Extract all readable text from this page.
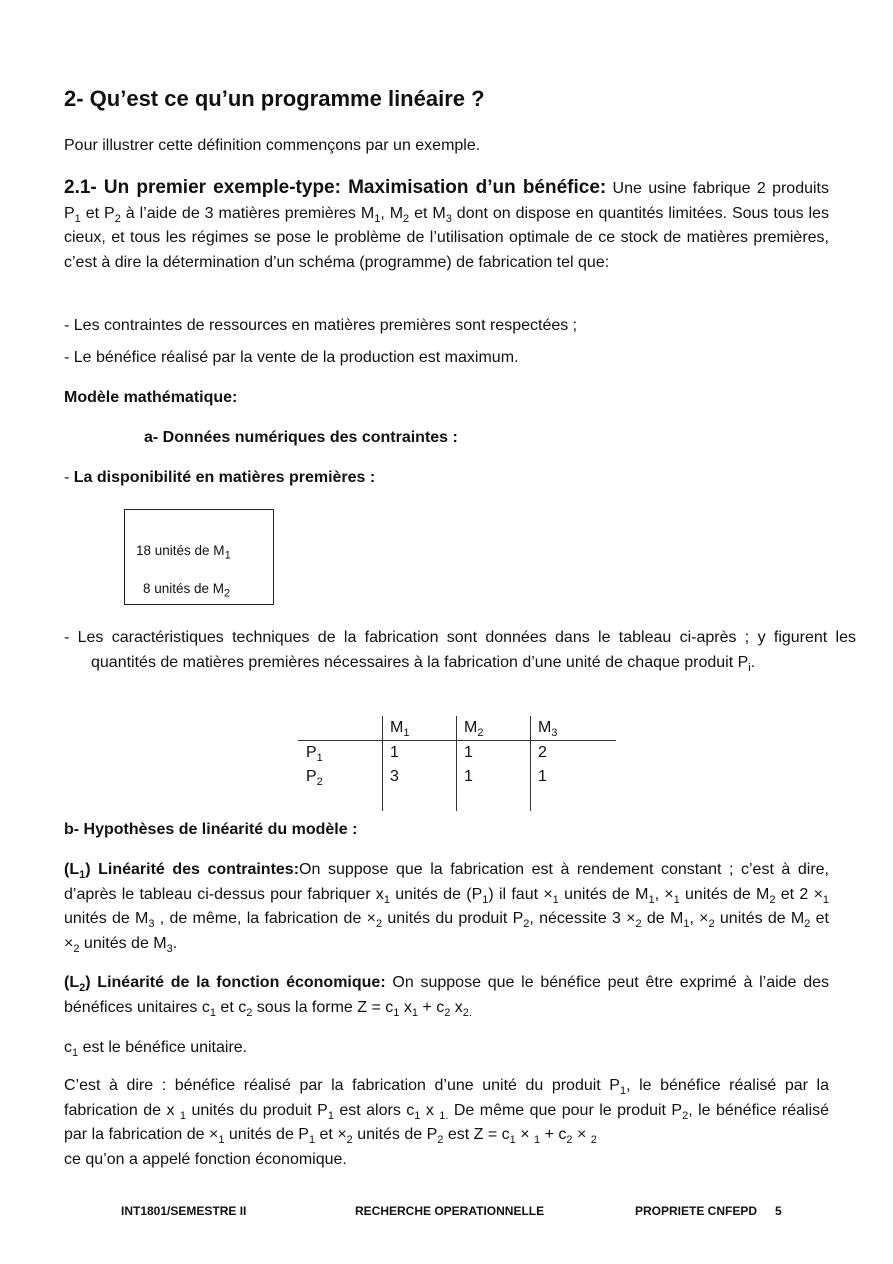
2- Qu’est ce qu’un programme linéaire ?

Pour illustrer cette définition commençons par un exemple.

2.1- Un premier exemple-type: Maximisation d’un bénéfice: Une usine fabrique 2 produits $P_1$ et $P_2$ à l’aide de 3 matières premières $M_1$, $M_2$ et $M_3$ dont on dispose en quantités limitées. Sous tous les cieux, et tous les régimes se pose le problème de l’utilisation optimale de ce stock de matières premières, c’est à dire la détermination d’un schéma (programme) de fabrication tel que:

- Les contraintes de ressources en matières premières sont respectées ;

- Le bénéfice réalisé par la vente de la production est maximum.

Modèle mathématique:

a- Données numériques des contraintes :

- La disponibilité en matières premières :

18 unités de $M_1$
8 unités de $M_2$

- Les caractéristiques techniques de la fabrication sont données dans le tableau ci-après ; y figurent les quantités de matières premières nécessaires à la fabrication d’une unité de chaque produit $P_i$.

	$M_1$	$M_2$	$M_3$
$P_1$	1	1	2
$P_2$	3	1	1

b- Hypothèses de linéarité du modèle :

$(L_1)$ Linéarité des contraintes:On suppose que la fabrication est à rendement constant ; c’est à dire, d’après le tableau ci-dessus pour fabriquer $x_1$ unités de $(P_1)$ il faut $\times_1$ unités de $M_1$, $\times_1$ unités de $M_2$ et $2 \times_1$ unités de $M_3$ , de même, la fabrication de $\times_2$ unités du produit $P_2$, nécessite $3 \times_2$ de $M_1$, $\times_2$ unités de $M_2$ et $\times_2$ unités de $M_3$.

$(L_2)$ Linéarité de la fonction économique: On suppose que le bénéfice peut être exprimé à l’aide des bénéfices unitaires $c_1$ et $c_2$ sous la forme $Z = c_1$ $x_1 + c_2$ $x_{2.}$

$c_1$ est le bénéfice unitaire.

C’est à dire : bénéfice réalisé par la fabrication d’une unité du produit $P_1$, le bénéfice réalisé par la fabrication de x $_1$ unités du produit $P_1$ est alors $c_1$ x $_{1.}$ De même que pour le produit $P_2$, le bénéfice réalisé par la fabrication de $\times_1$ unités de $P_1$ et $\times_2$ unités de $P_2$ est $Z = c_1 \times _1 + c_2 \times _2$
ce qu’on a appelé fonction économique.

INT1801/SEMESTRE II	RECHERCHE OPERATIONNELLE	PROPRIETE CNFEPD 5
